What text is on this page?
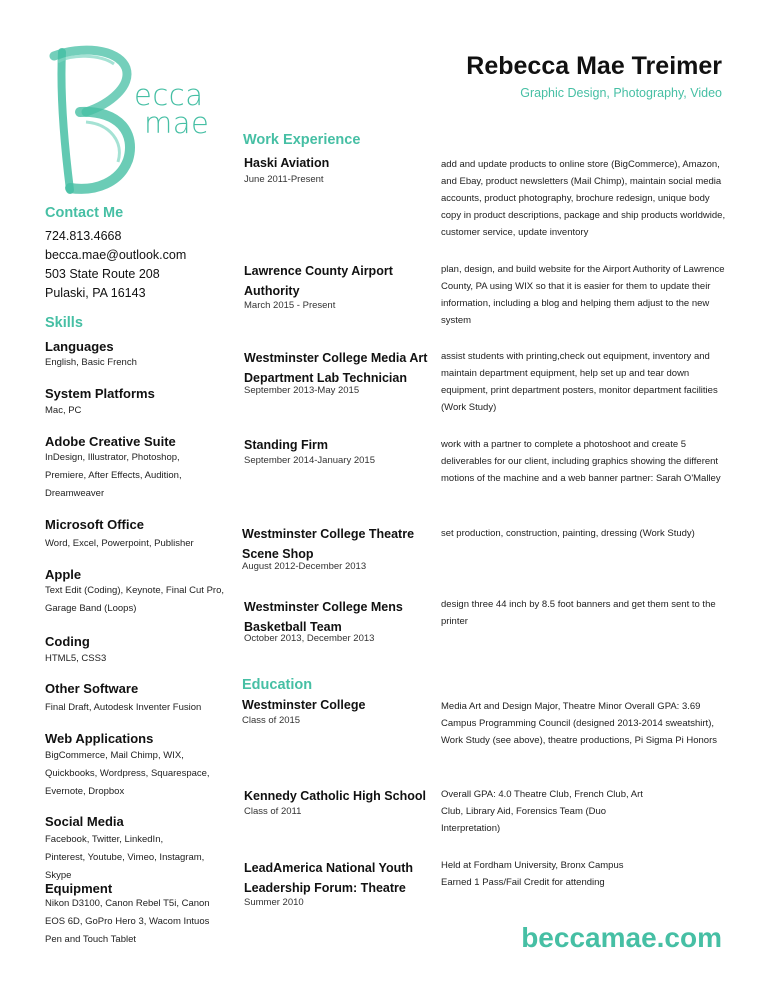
ecca
mae
Rebecca Mae Treimer
Graphic Design, Photography, Video
Contact Me
724.813.4668
becca.mae@outlook.com
503 State Route 208
Pulaski, PA 16143
Skills
Languages
English, Basic French
System Platforms
Mac, PC
Adobe Creative Suite
InDesign, Illustrator, Photoshop, Premiere, After Effects, Audition, Dreamweaver
Microsoft Office
Word, Excel, Powerpoint, Publisher
Apple
Text Edit (Coding), Keynote, Final Cut Pro, Garage Band (Loops)
Coding
HTML5, CSS3
Other Software
Final Draft, Autodesk Inventer Fusion
Web Applications
BigCommerce, Mail Chimp, WIX, Quickbooks, Wordpress, Squarespace, Evernote, Dropbox
Social Media
Facebook, Twitter, LinkedIn, Pinterest, Youtube, Vimeo, Instagram, Skype
Equipment
Nikon D3100, Canon Rebel T5i, Canon EOS 6D, GoPro Hero 3, Wacom Intuos Pen and Touch Tablet
Work Experience
Haski Aviation
June 2011-Present
add and update products to online store (BigCommerce), Amazon, and Ebay, product newsletters (Mail Chimp), maintain social media accounts, product photography, brochure redesign, unique body copy in product descriptions, package and ship products worldwide, customer service, update inventory
Lawrence County Airport Authority
March 2015 - Present
plan, design, and build website for the Airport Authority of Lawrence County, PA using WIX so that it is easier for them to update their information, including a blog and helping them adjust to the new system
Westminster College Media Art Department Lab Technician
September 2013-May 2015
assist students with printing,check out equipment, inventory and maintain department equipment, help set up and tear down equipment, print department posters, monitor department facilities (Work Study)
Standing Firm
September 2014-January 2015
work with a partner to complete a photoshoot and create 5 deliverables for our client, including graphics showing the different motions of the machine and a web banner partner: Sarah O'Malley
Westminster College Theatre Scene Shop
August 2012-December 2013
set production, construction, painting, dressing (Work Study)
Westminster College Mens Basketball Team
October 2013, December 2013
design three 44 inch by 8.5 foot banners and get them sent to the printer
Education
Westminster College
Class of 2015
Media Art and Design Major, Theatre Minor Overall GPA: 3.69 Campus Programming Council (designed 2013-2014 sweatshirt), Work Study (see above), theatre productions, Pi Sigma Pi Honors
Kennedy Catholic High School
Class of 2011
Overall GPA: 4.0 Theatre Club, French Club, Art Club, Library Aid, Forensics Team (Duo Interpretation)
LeadAmerica National Youth Leadership Forum: Theatre
Summer 2010
Held at Fordham University, Bronx Campus Earned 1 Pass/Fail Credit for attending
beccamae.com
